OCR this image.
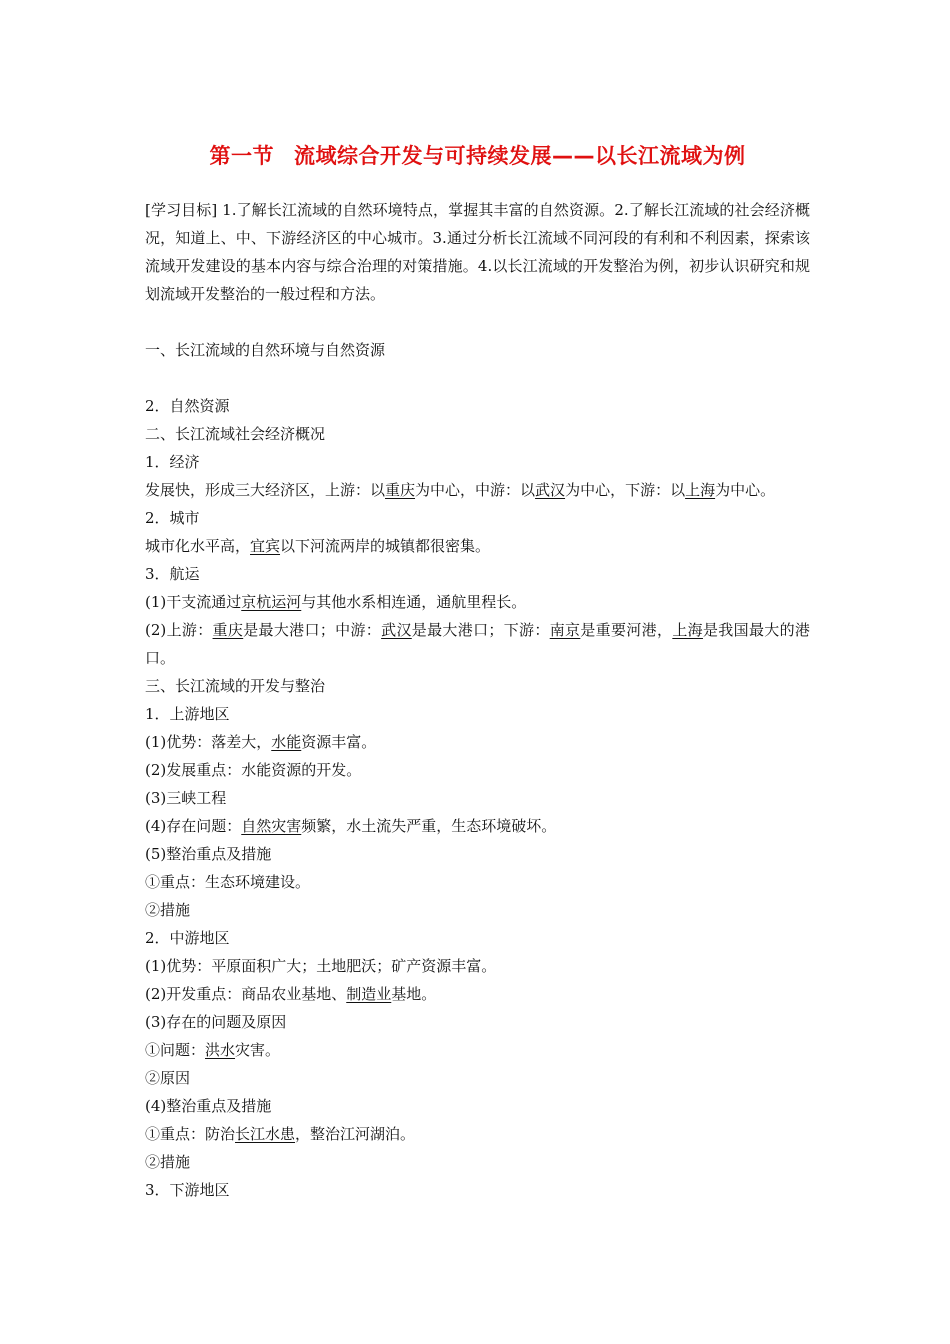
第一节 流域综合开发与可持续发展——以长江流域为例

[学习目标] 1.了解长江流域的自然环境特点，掌握其丰富的自然资源。2.了解长江流域的社会经济概况，知道上、中、下游经济区的中心城市。3.通过分析长江流域不同河段的有利和不利因素，探索该流域开发建设的基本内容与综合治理的对策措施。4.以长江流域的开发整治为例，初步认识研究和规划流域开发整治的一般过程和方法。

一、长江流域的自然环境与自然资源

2．自然资源

二、长江流域社会经济概况

1．经济

发展快，形成三大经济区，上游：以重庆为中心，中游：以武汉为中心，下游：以上海为中心。

2．城市

城市化水平高，宜宾以下河流两岸的城镇都很密集。

3．航运

(1)干支流通过京杭运河与其他水系相连通，通航里程长。

(2)上游：重庆是最大港口；中游：武汉是最大港口；下游：南京是重要河港，上海是我国最大的港口。

三、长江流域的开发与整治

1．上游地区

(1)优势：落差大，水能资源丰富。

(2)发展重点：水能资源的开发。

(3)三峡工程

(4)存在问题：自然灾害频繁，水土流失严重，生态环境破坏。

(5)整治重点及措施

①重点：生态环境建设。

②措施

2．中游地区

(1)优势：平原面积广大；土地肥沃；矿产资源丰富。

(2)开发重点：商品农业基地、制造业基地。

(3)存在的问题及原因

①问题：洪水灾害。

②原因

(4)整治重点及措施

①重点：防治长江水患，整治江河湖泊。

②措施

3．下游地区
